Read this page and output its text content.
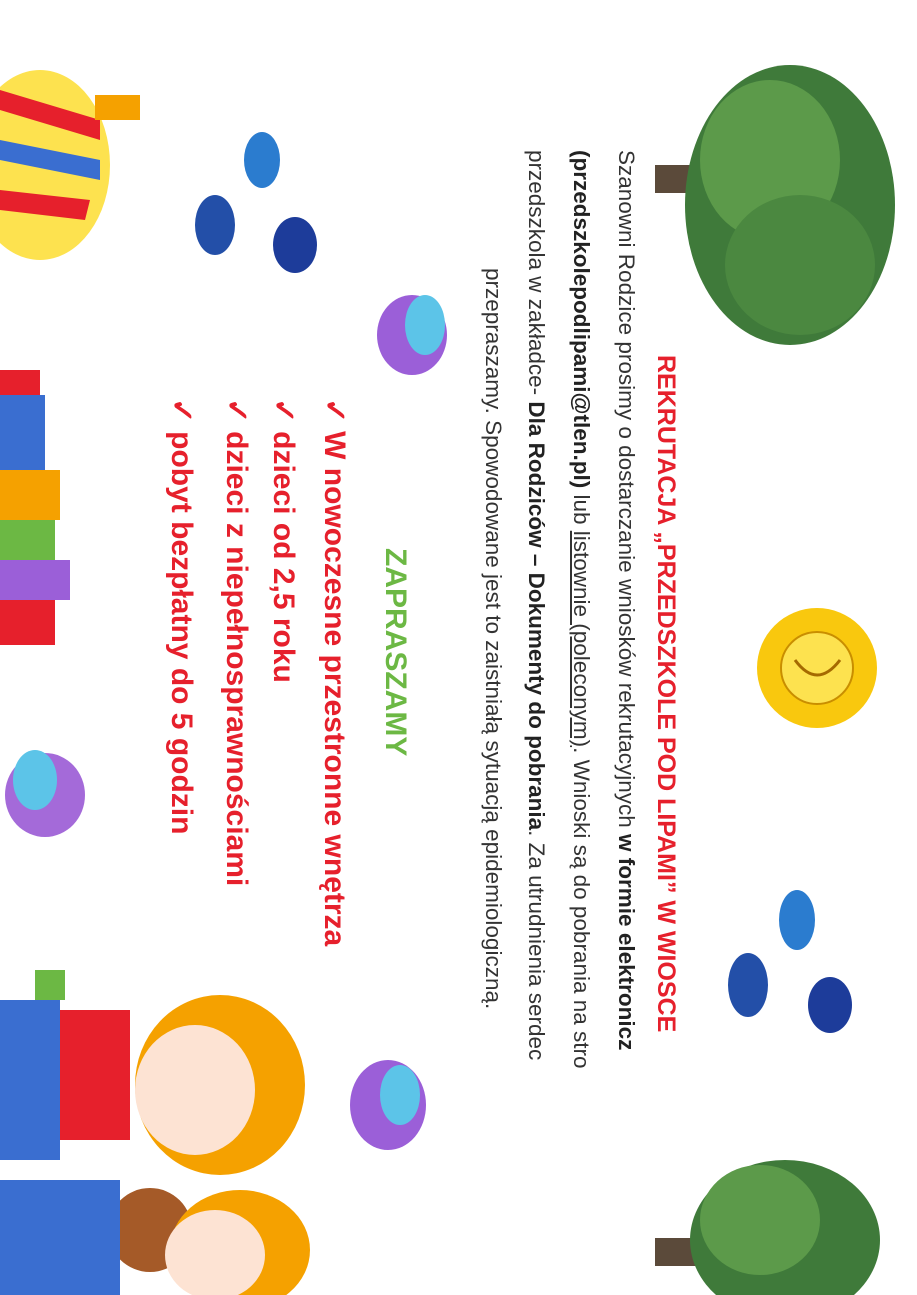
REKRUTACJA „PRZEDSZKOLE POD LIPAMI” W WIOSCE
Szanowni Rodzice prosimy o dostarczanie wniosków rekrutacyjnych w formie elektronicz
(przedszkolepodlipami@tlen.pl) lub listownie (poleconym). Wnioski są do pobrania na stro
przedszkola w zakładce- Dla Rodziców – Dokumenty do pobrania. Za utrudnienia serdec
przepraszamy. Spowodowane jest to zaistniałą sytuacją epidemiologiczną.
ZAPRASZAMY
✓W nowoczesne przestronne wnętrza
✓dzieci od 2,5 roku
✓dzieci z niepełnosprawnościami
✓pobyt bezpłatny do 5 godzin
